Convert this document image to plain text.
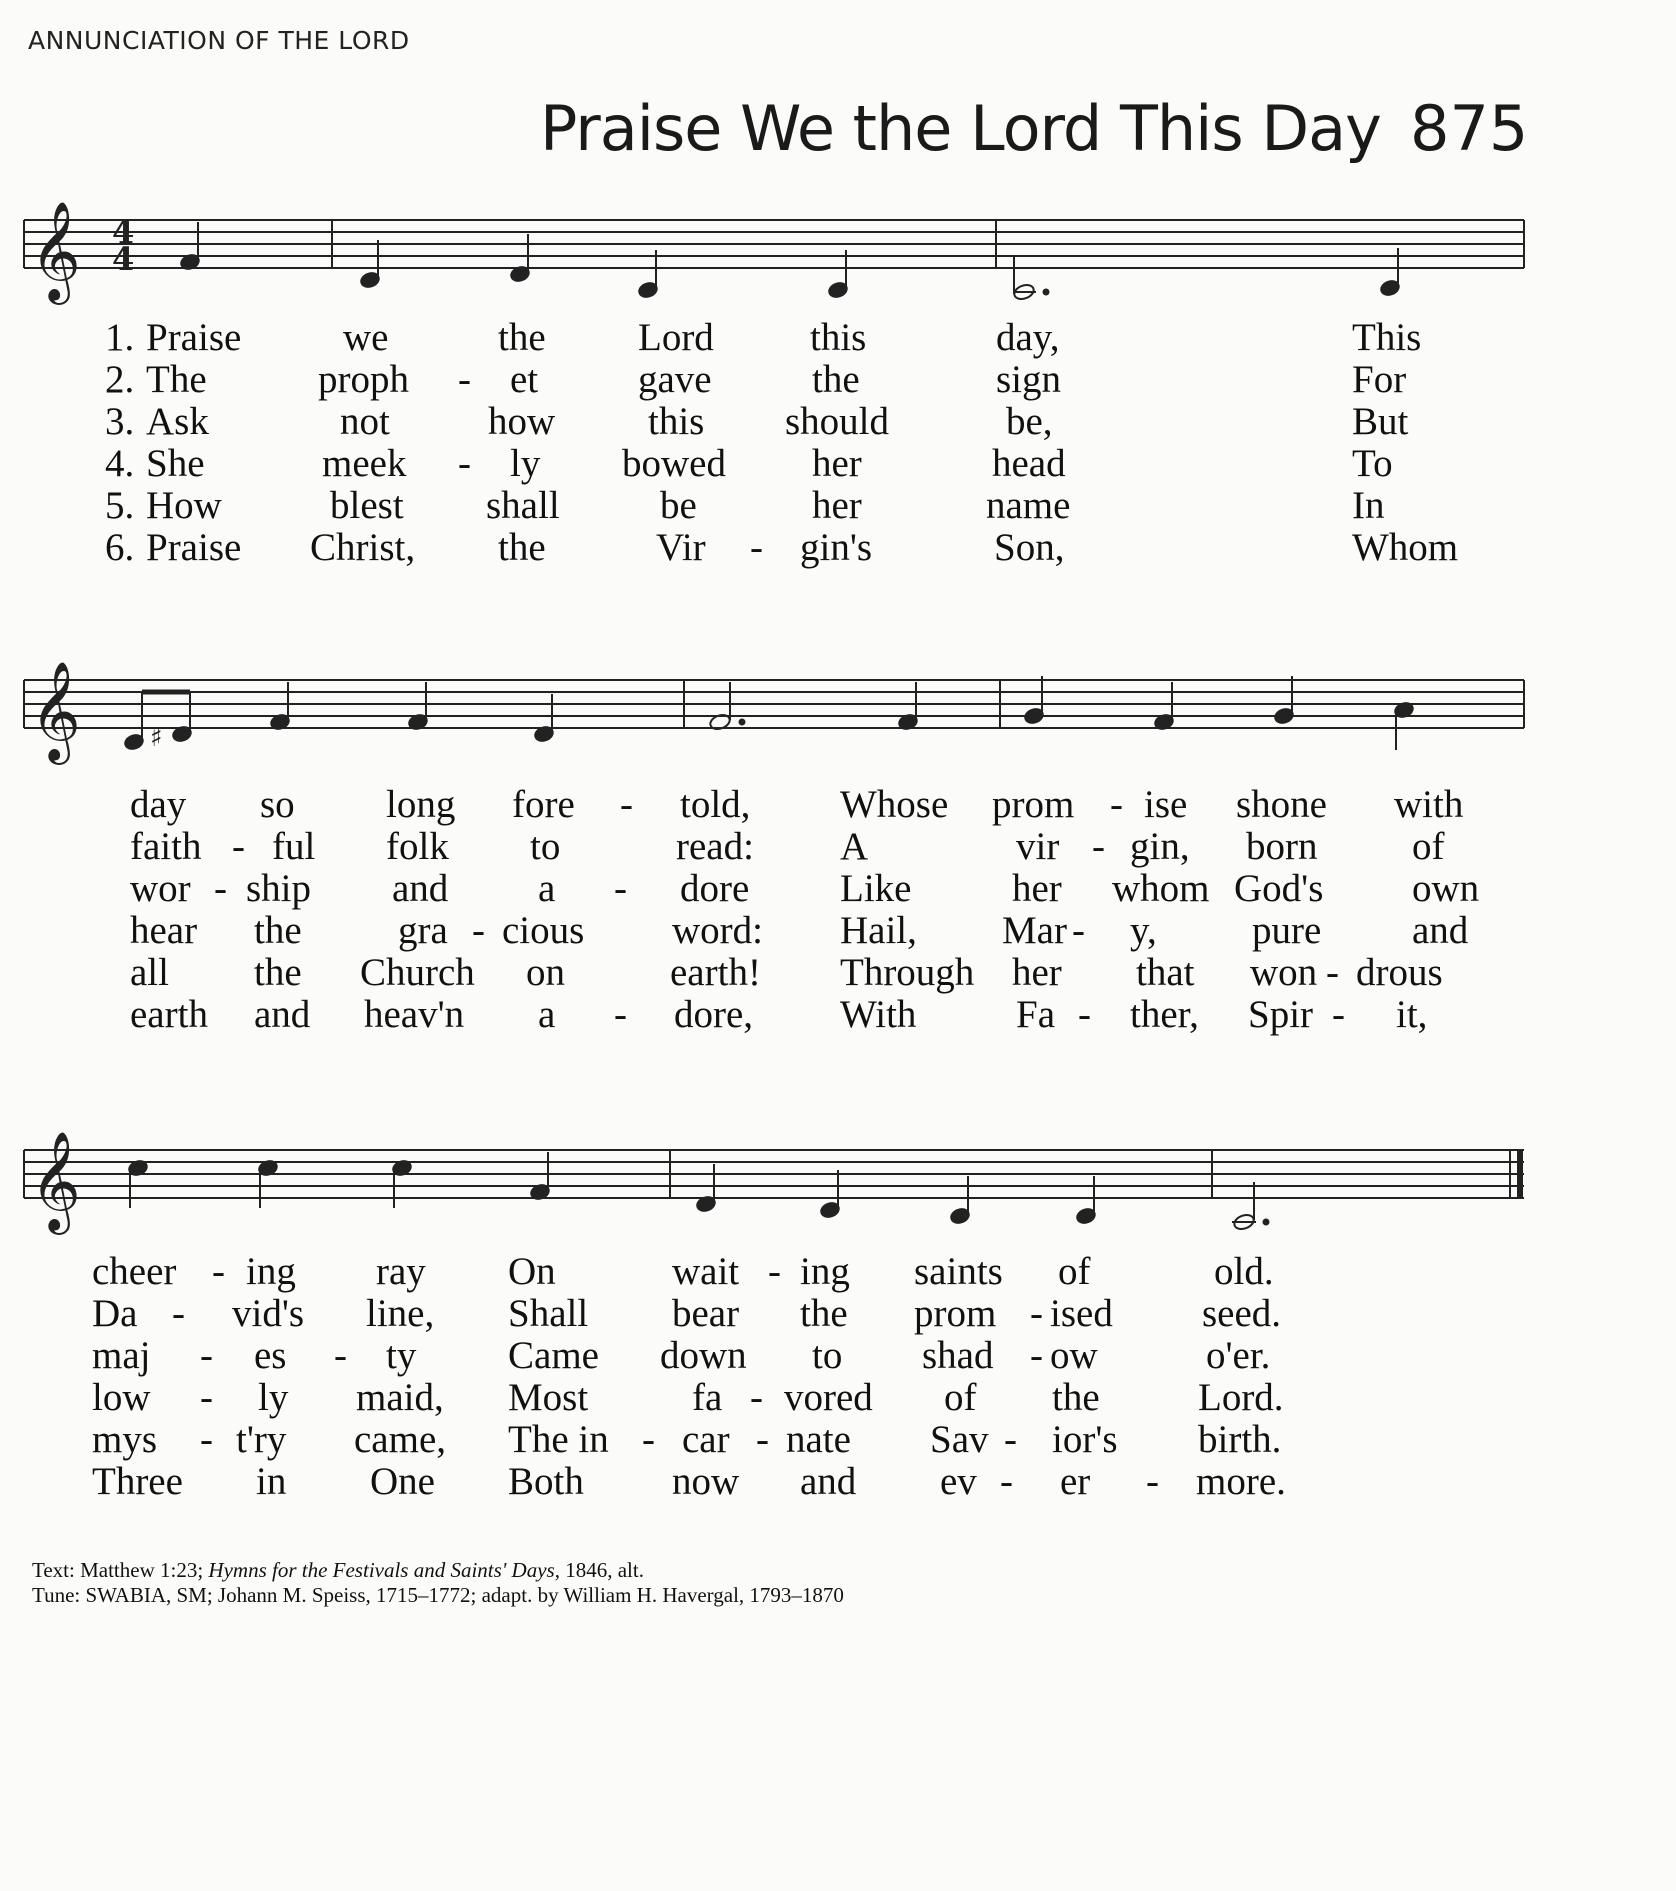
ANNUNCIATION OF THE LORD
Praise We the Lord This Day 875
𝄞 4
4
1. Praise	we	the Lord this	day,	This
2. The	proph - et	gave	the	sign	For
3. Ask	not	how this should	be,	But
4. She	meek - ly bowed her	head	To
5. How	blest shall	be	her	name	In
6. Praise Christ, the	Vir - gin's	Son,	Whom
𝄞	♯
day so long fore - told, Whose prom - ise shone with
faith - ful folk to	read: A	vir - gin, born of
wor - ship and a - dore Like	her whom God's own
hear the gra - cious word: Hail, Mar - y, pure and
all the Church on	earth! Through her that won - drous
earth and heav'n a - dore, With	Fa - ther, Spir - it,
𝄞
cheer - ing ray On	wait - ing saints of	old.
Da - vid's line, Shall bear the prom - ised seed.
maj - es - ty Came down to shad - ow	o'er.
low - ly maid, Most	fa - vored of the	Lord.
mys - t'ry came, The in - car - nate Sav - ior's birth.
Three in One Both now and ev - er - more.
Text: Matthew 1:23; Hymns for the Festivals and Saints' Days, 1846, alt.
Tune: SWABIA, SM; Johann M. Speiss, 1715–1772; adapt. by William H. Havergal, 1793–1870
